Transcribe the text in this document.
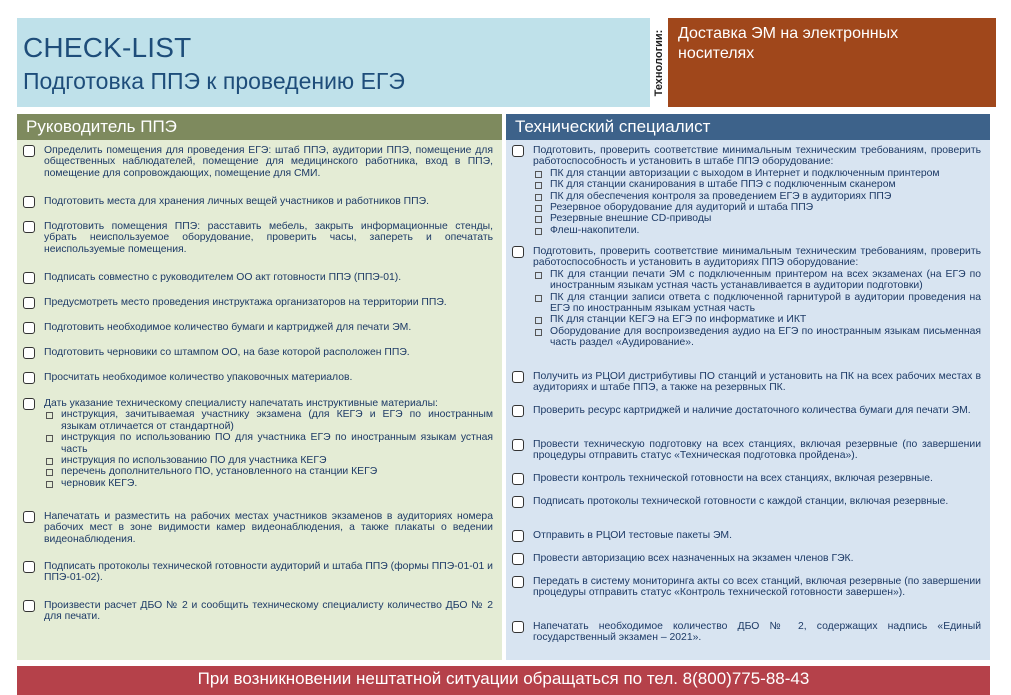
CHECK-LIST
Подготовка ППЭ к проведению ЕГЭ	Технологии: Доставка ЭМ на электронных носителях
Руководитель ППЭ
Определить помещения для проведения ЕГЭ: штаб ППЭ, аудитории ППЭ, помещение для общественных наблюдателей, помещение для медицинского работника, вход в ППЭ, помещение для сопровождающих, помещение для СМИ.
Подготовить места для хранения личных вещей участников и работников ППЭ.
Подготовить помещения ППЭ: расставить мебель, закрыть информационные стенды, убрать неиспользуемое оборудование, проверить часы, запереть и опечатать неиспользуемые помещения.
Подписать совместно с руководителем ОО акт готовности ППЭ (ППЭ-01).
Предусмотреть место проведения инструктажа организаторов на территории ППЭ.
Подготовить необходимое количество бумаги и картриджей для печати ЭМ.
Подготовить черновики со штампом ОО, на базе которой расположен ППЭ.
Просчитать необходимое количество упаковочных материалов.
Дать указание техническому специалисту напечатать инструктивные материалы:
инструкция, зачитываемая участнику экзамена (для КЕГЭ и ЕГЭ по иностранным языкам отличается от стандартной)
инструкция по использованию ПО для участника ЕГЭ по иностранным языкам устная часть
инструкция по использованию ПО для участника КЕГЭ
перечень дополнительного ПО, установленного на станции КЕГЭ
черновик КЕГЭ.
Напечатать и разместить на рабочих местах участников экзаменов в аудиториях номера рабочих мест в зоне видимости камер видеонаблюдения, а также плакаты о ведении видеонаблюдения.
Подписать протоколы технической готовности аудиторий и штаба ППЭ (формы ППЭ-01-01 и ППЭ-01-02).
Произвести расчет ДБО № 2 и сообщить техническому специалисту количество ДБО № 2 для печати.
Технический специалист
Подготовить, проверить соответствие минимальным техническим требованиям, проверить работоспособность и установить в штабе ППЭ оборудование:
ПК для станции авторизации с выходом в Интернет и подключенным принтером
ПК для станции сканирования в штабе ППЭ с подключенным сканером
ПК для обеспечения контроля за проведением ЕГЭ в аудиториях ППЭ
Резервное оборудование для аудиторий и штаба ППЭ
Резервные внешние CD-приводы
Флеш-накопители.
Подготовить, проверить соответствие минимальным техническим требованиям, проверить работоспособность и установить в аудиториях ППЭ оборудование:
ПК для станции печати ЭМ с подключенным принтером на всех экзаменах (на ЕГЭ по иностранным языкам устная часть устанавливается в аудитории подготовки)
ПК для станции записи ответа с подключенной гарнитурой в аудитории проведения на ЕГЭ по иностранным языкам устная часть
ПК для станции КЕГЭ на ЕГЭ по информатике и ИКТ
Оборудование для воспроизведения аудио на ЕГЭ по иностранным языкам письменная часть раздел «Аудирование».
Получить из РЦОИ дистрибутивы ПО станций и установить на ПК на всех рабочих местах в аудиториях и штабе ППЭ, а также на резервных ПК.
Проверить ресурс картриджей и наличие достаточного количества бумаги для печати ЭМ.
Провести техническую подготовку на всех станциях, включая резервные (по завершении процедуры отправить статус «Техническая подготовка пройдена»).
Провести контроль технической готовности на всех станциях, включая резервные.
Подписать протоколы технической готовности с каждой станции, включая резервные.
Отправить в РЦОИ тестовые пакеты ЭМ.
Провести авторизацию всех назначенных на экзамен членов ГЭК.
Передать в систему мониторинга акты со всех станций, включая резервные (по завершении процедуры отправить статус «Контроль технической готовности завершен»).
Напечатать необходимое количество ДБО № 2, содержащих надпись «Единый государственный экзамен – 2021».
При возникновении нештатной ситуации обращаться по тел. 8(800)775-88-43
